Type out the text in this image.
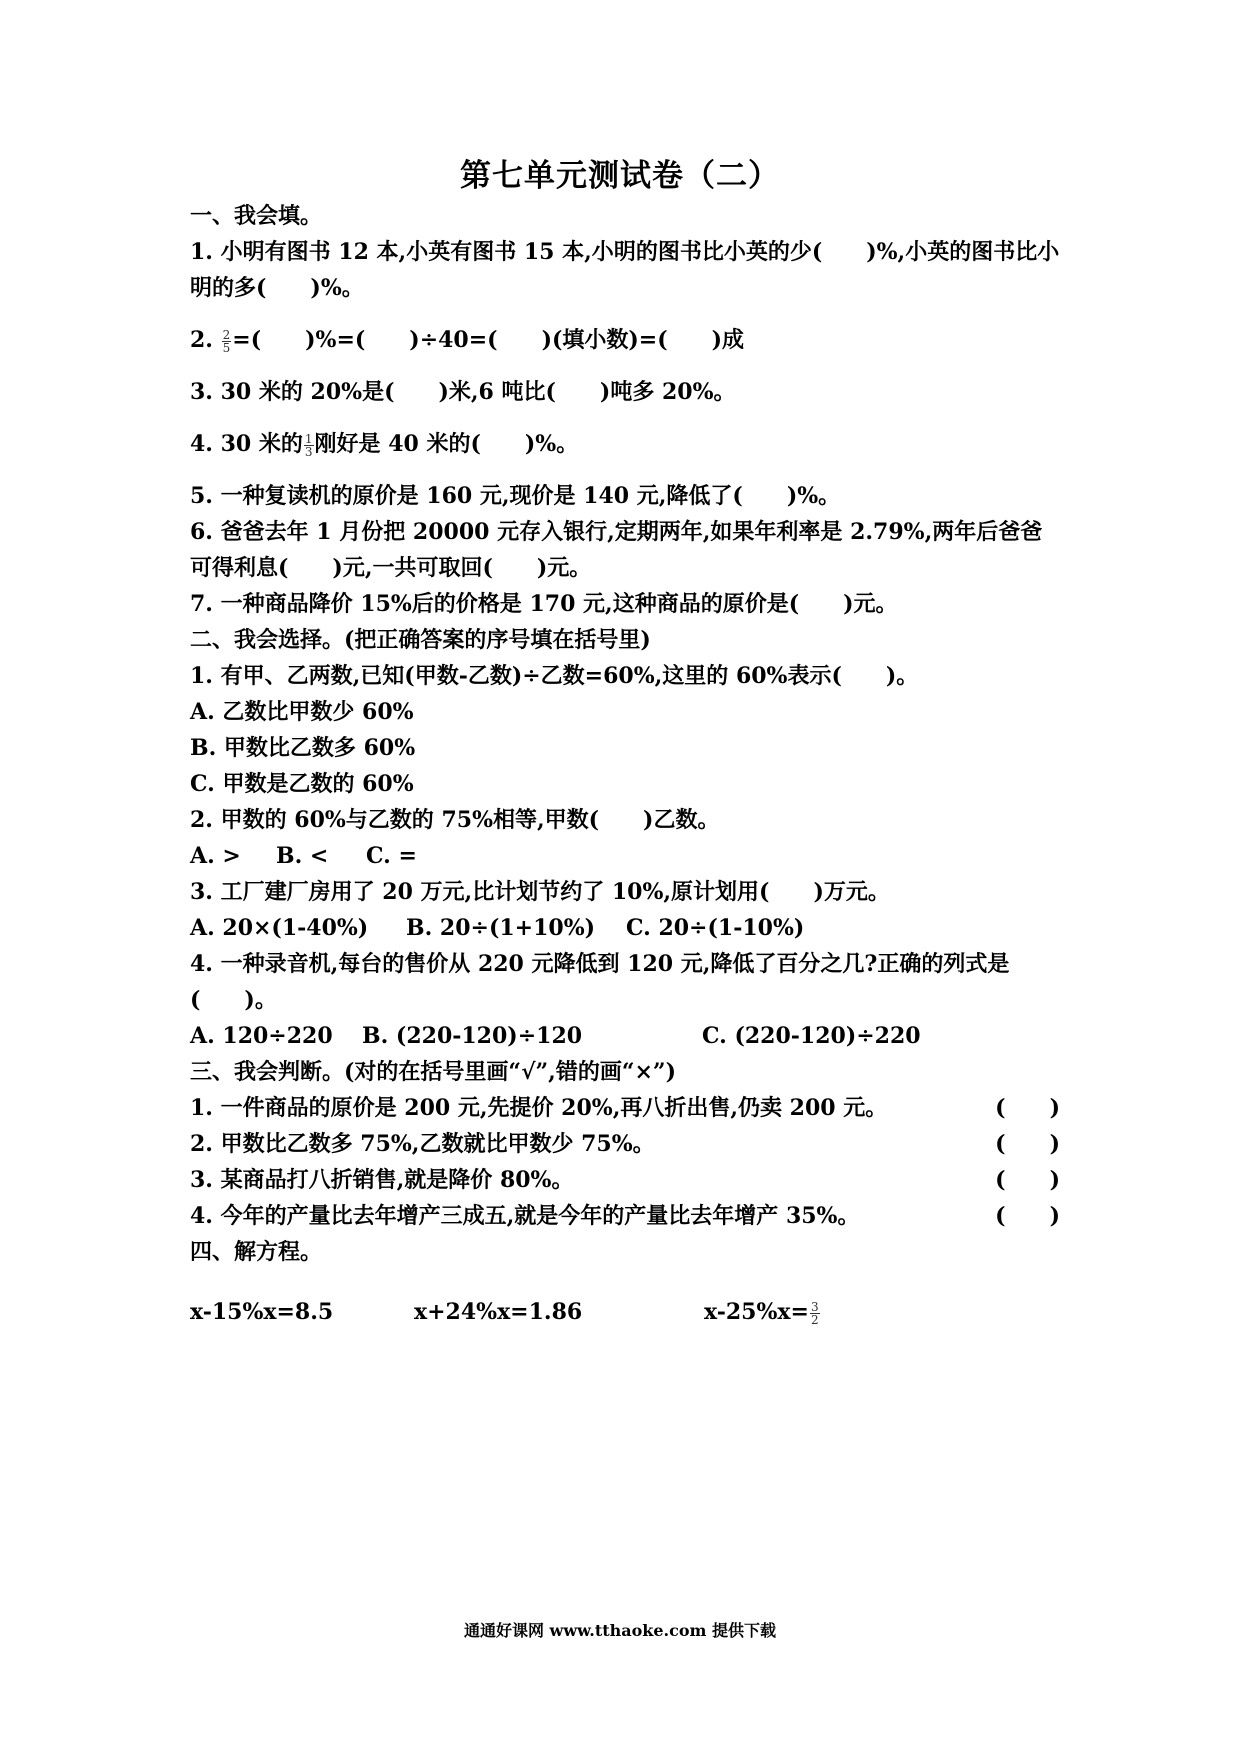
第七单元测试卷（二）
一、我会填。
1. 小明有图书 12 本,小英有图书 15 本,小明的图书比小英的少(　　)%,小英的图书比小明的多(　　)%。
2. $\frac{2}{5}$ =(　　)%=(　　)÷40=(　　)(填小数)=(　　)成
3. 30 米的 20%是(　　)米,6 吨比(　　)吨多 20%。
4. 30 米的 $\frac{1}{3}$ 刚好是 40 米的(　　)%。
5. 一种复读机的原价是 160 元,现价是 140 元,降低了(　　)%。
6. 爸爸去年 1 月份把 20000 元存入银行,定期两年,如果年利率是 2.79%,两年后爸爸可得利息(　　)元,一共可取回(　　)元。
7. 一种商品降价 15%后的价格是 170 元,这种商品的原价是(　　)元。
二、我会选择。(把正确答案的序号填在括号里)
1. 有甲、乙两数,已知(甲数-乙数)÷乙数=60%,这里的 60%表示(　　)。
A. 乙数比甲数少 60%
B. 甲数比乙数多 60%
C. 甲数是乙数的 60%
2. 甲数的 60%与乙数的 75%相等,甲数(　　)乙数。
A. >	B. <	C. =
3. 工厂建厂房用了 20 万元,比计划节约了 10%,原计划用(　　)万元。
A. 20×(1-40%)	B. 20÷(1+10%)	C. 20÷(1-10%)
4. 一种录音机,每台的售价从 220 元降低到 120 元,降低了百分之几?正确的列式是(　　)。
A. 120÷220	B. (220-120)÷120	C. (220-120)÷220
三、我会判断。(对的在括号里画“√”,错的画“×”)
1. 一件商品的原价是 200 元,先提价 20%,再八折出售,仍卖 200 元。	(　　)
2. 甲数比乙数多 75%,乙数就比甲数少 75%。	(　　)
3. 某商品打八折销售,就是降价 80%。	(　　)
4. 今年的产量比去年增产三成五,就是今年的产量比去年增产 35%。	(　　)
四、解方程。
x-15%x=8.5	x+24%x=1.86	$x-25\%x= \frac{3}{2}$
通通好课网 www.tthaoke.com 提供下载
